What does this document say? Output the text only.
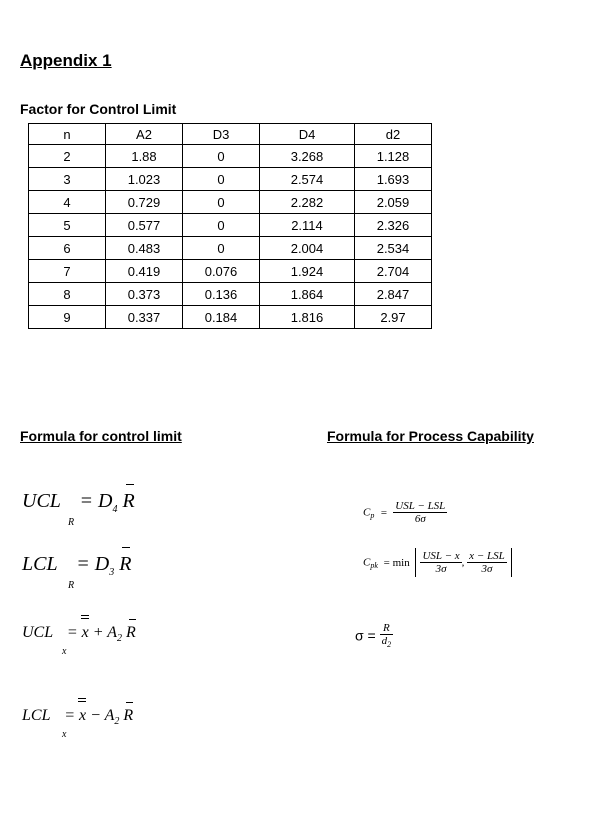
Appendix 1
Factor for Control Limit
n	A2	D3	D4	d2
2	1.88	0	3.268	1.128
3	1.023	0	2.574	1.693
4	0.729	0	2.282	2.059
5	0.577	0	2.114	2.326
6	0.483	0	2.004	2.534
7	0.419	0.076	1.924	2.704
8	0.373	0.136	1.864	2.847
9	0.337	0.184	1.816	2.97
Formula for control limit	Formula for Process Capability
UCL = $D_4$ R
R
LCL = $D_3$ R
R
UCL = x + A
$_2$ R
x
LCL = x − A
$_2$ R
x
$C_p = \frac{\text{USL − LSL}}{6\sigma}$
$C_{pk} = \min \frac{\text{USL − x}}{3\sigma}$ , $\frac{\text{x − LSL}}{3\sigma}$
$\sigma = \frac{R}{d_2}$
